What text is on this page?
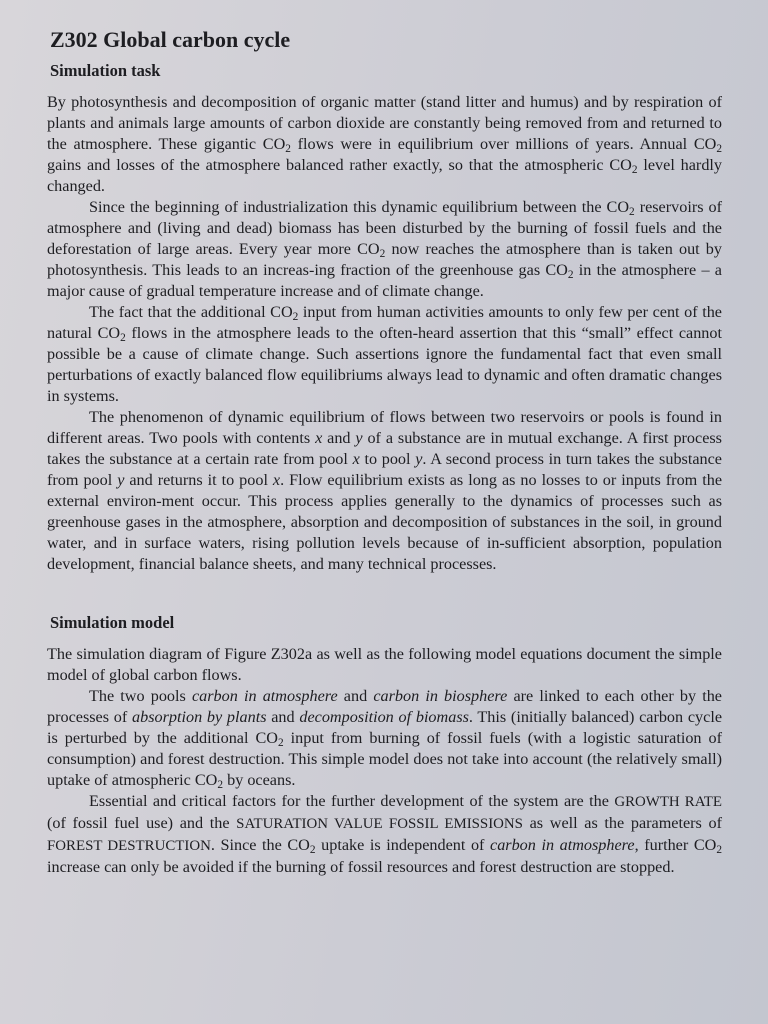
Z302 Global carbon cycle
Simulation task

By photosynthesis and decomposition of organic matter (stand litter and humus) and by respiration of plants and animals large amounts of carbon dioxide are constantly being removed from and returned to the atmosphere. These gigantic $CO_2$ flows were in equilibrium over millions of years. Annual $CO_2$ gains and losses of the atmosphere balanced rather exactly, so that the atmospheric $CO_2$ level hardly changed.

Since the beginning of industrialization this dynamic equilibrium between the $CO_2$ reservoirs of atmosphere and (living and dead) biomass has been disturbed by the burning of fossil fuels and the deforestation of large areas. Every year more $CO_2$ now reaches the atmosphere than is taken out by photosynthesis. This leads to an increas-ing fraction of the greenhouse gas $CO_2$ in the atmosphere – a major cause of gradual temperature increase and of climate change.

The fact that the additional $CO_2$ input from human activities amounts to only few per cent of the natural $CO_2$ flows in the atmosphere leads to the often-heard assertion that this “small” effect cannot possible be a cause of climate change. Such assertions ignore the fundamental fact that even small perturbations of exactly balanced flow equilibriums always lead to dynamic and often dramatic changes in systems.

The phenomenon of dynamic equilibrium of flows between two reservoirs or pools is found in different areas. Two pools with contents x and y of a substance are in mutual exchange. A first process takes the substance at a certain rate from pool x to pool y. A second process in turn takes the substance from pool y and returns it to pool x. Flow equilibrium exists as long as no losses to or inputs from the external environ-ment occur. This process applies generally to the dynamics of processes such as greenhouse gases in the atmosphere, absorption and decomposition of substances in the soil, in ground water, and in surface waters, rising pollution levels because of in-sufficient absorption, population development, financial balance sheets, and many technical processes.

Simulation model

The simulation diagram of Figure Z302a as well as the following model equations document the simple model of global carbon flows.

The two pools carbon in atmosphere and carbon in biosphere are linked to each other by the processes of absorption by plants and decomposition of biomass. This (initially balanced) carbon cycle is perturbed by the additional $CO_2$ input from burning of fossil fuels (with a logistic saturation of consumption) and forest destruction. This simple model does not take into account (the relatively small) uptake of atmospheric $CO_2$ by oceans.

Essential and critical factors for the further development of the system are the GROWTH RATE (of fossil fuel use) and the SATURATION VALUE FOSSIL EMISSIONS as well as the parameters of FOREST DESTRUCTION. Since the $CO_2$ uptake is independent of carbon in atmosphere, further $CO_2$ increase can only be avoided if the burning of fossil resources and forest destruction are stopped.
